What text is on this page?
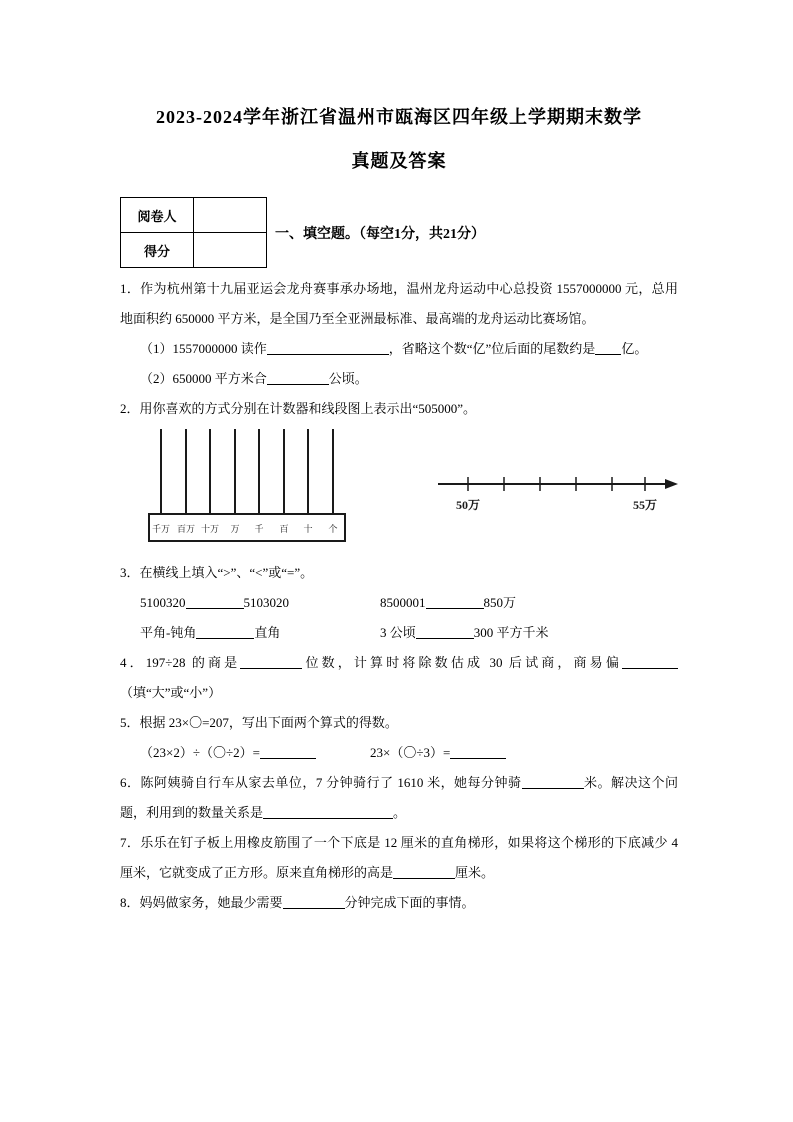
2023-2024学年浙江省温州市瓯海区四年级上学期期末数学
真题及答案
阅卷人	
得分	
一、填空题。（每空1分，共21分）

1．作为杭州第十九届亚运会龙舟赛事承办场地，温州龙舟运动中心总投资 1557000000 元，总用地面积约 650000 平方米，是全国乃至全亚洲最标准、最高端的龙舟运动比赛场馆。

（1）1557000000 读作	，省略这个数“亿”位后面的尾数约是 亿。

（2）650000 平方米合	公顷。

2．用你喜欢的方式分别在计数器和线段图上表示出“505000”。

千万 百万 十万 万 千 百 十 个
50万	55万

3．在横线上填入“>”、“<”或“=”。

5100320	5103020	8500001	850万
平角-钝角	直角	3 公顷	300 平方千米

4．197÷28 的商是	位数，计算时将除数估成 30 后试商，商易偏（填“大”或“小”）

5．根据 23×〇=207，写出下面两个算式的得数。

（23×2）÷（〇÷2）=	23×（〇÷3）=

6．陈阿姨骑自行车从家去单位，7 分钟骑行了 1610 米，她每分钟骑	米。解决这个问题，利用到的数量关系是	。

7．乐乐在钉子板上用橡皮筋围了一个下底是 12 厘米的直角梯形，如果将这个梯形的下底减少 4 厘米，它就变成了正方形。原来直角梯形的高是	厘米。

8．妈妈做家务，她最少需要	分钟完成下面的事情。
